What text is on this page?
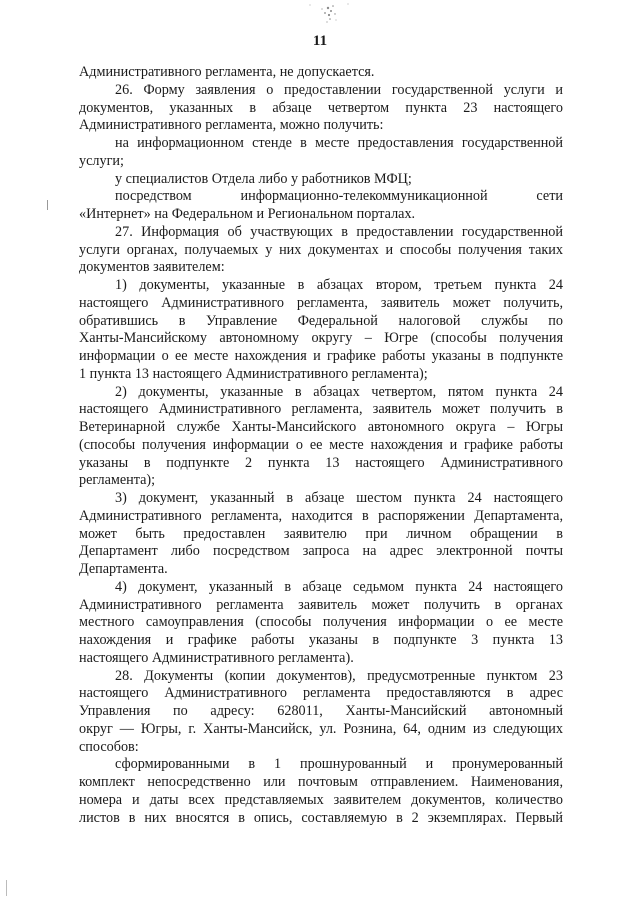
11
Административного регламента, не допускается.
26. Форму заявления о предоставлении государственной услуги и
документов, указанных в абзаце четвертом пункта 23 настоящего
Административного регламента, можно получить:
на информационном стенде в месте предоставления государственной
услуги;
у специалистов Отдела либо у работников МФЦ;
посредством информационно-телекоммуникационной сети
«Интернет» на Федеральном и Региональном порталах.
27. Информация об участвующих в предоставлении государственной
услуги органах, получаемых у них документах и способы получения таких
документов заявителем:
1) документы, указанные в абзацах втором, третьем пункта 24
настоящего Административного регламента, заявитель может получить,
обратившись в Управление Федеральной налоговой службы по
Ханты-Мансийскому автономному округу – Югре (способы получения
информации о ее месте нахождения и графике работы указаны в подпункте
1 пункта 13 настоящего Административного регламента);
2) документы, указанные в абзацах четвертом, пятом пункта 24
настоящего Административного регламента, заявитель может получить в
Ветеринарной службе Ханты-Мансийского автономного округа – Югры
(способы получения информации о ее месте нахождения и графике работы
указаны в подпункте 2 пункта 13 настоящего Административного
регламента);
3) документ, указанный в абзаце шестом пункта 24 настоящего
Административного регламента, находится в распоряжении Департамента,
может быть предоставлен заявителю при личном обращении в
Департамент либо посредством запроса на адрес электронной почты
Департамента.
4) документ, указанный в абзаце седьмом пункта 24 настоящего
Административного регламента заявитель может получить в органах
местного самоуправления (способы получения информации о ее месте
нахождения и графике работы указаны в подпункте 3 пункта 13
настоящего Административного регламента).
28. Документы (копии документов), предусмотренные пунктом 23
настоящего Административного регламента предоставляются в адрес
Управления по адресу: 628011, Ханты-Мансийский автономный
округ — Югры, г. Ханты-Мансийск, ул. Рознина, 64, одним из следующих
способов:
сформированными в 1 прошнурованный и пронумерованный
комплект непосредственно или почтовым отправлением. Наименования,
номера и даты всех представляемых заявителем документов, количество
листов в них вносятся в опись, составляемую в 2 экземплярах. Первый
